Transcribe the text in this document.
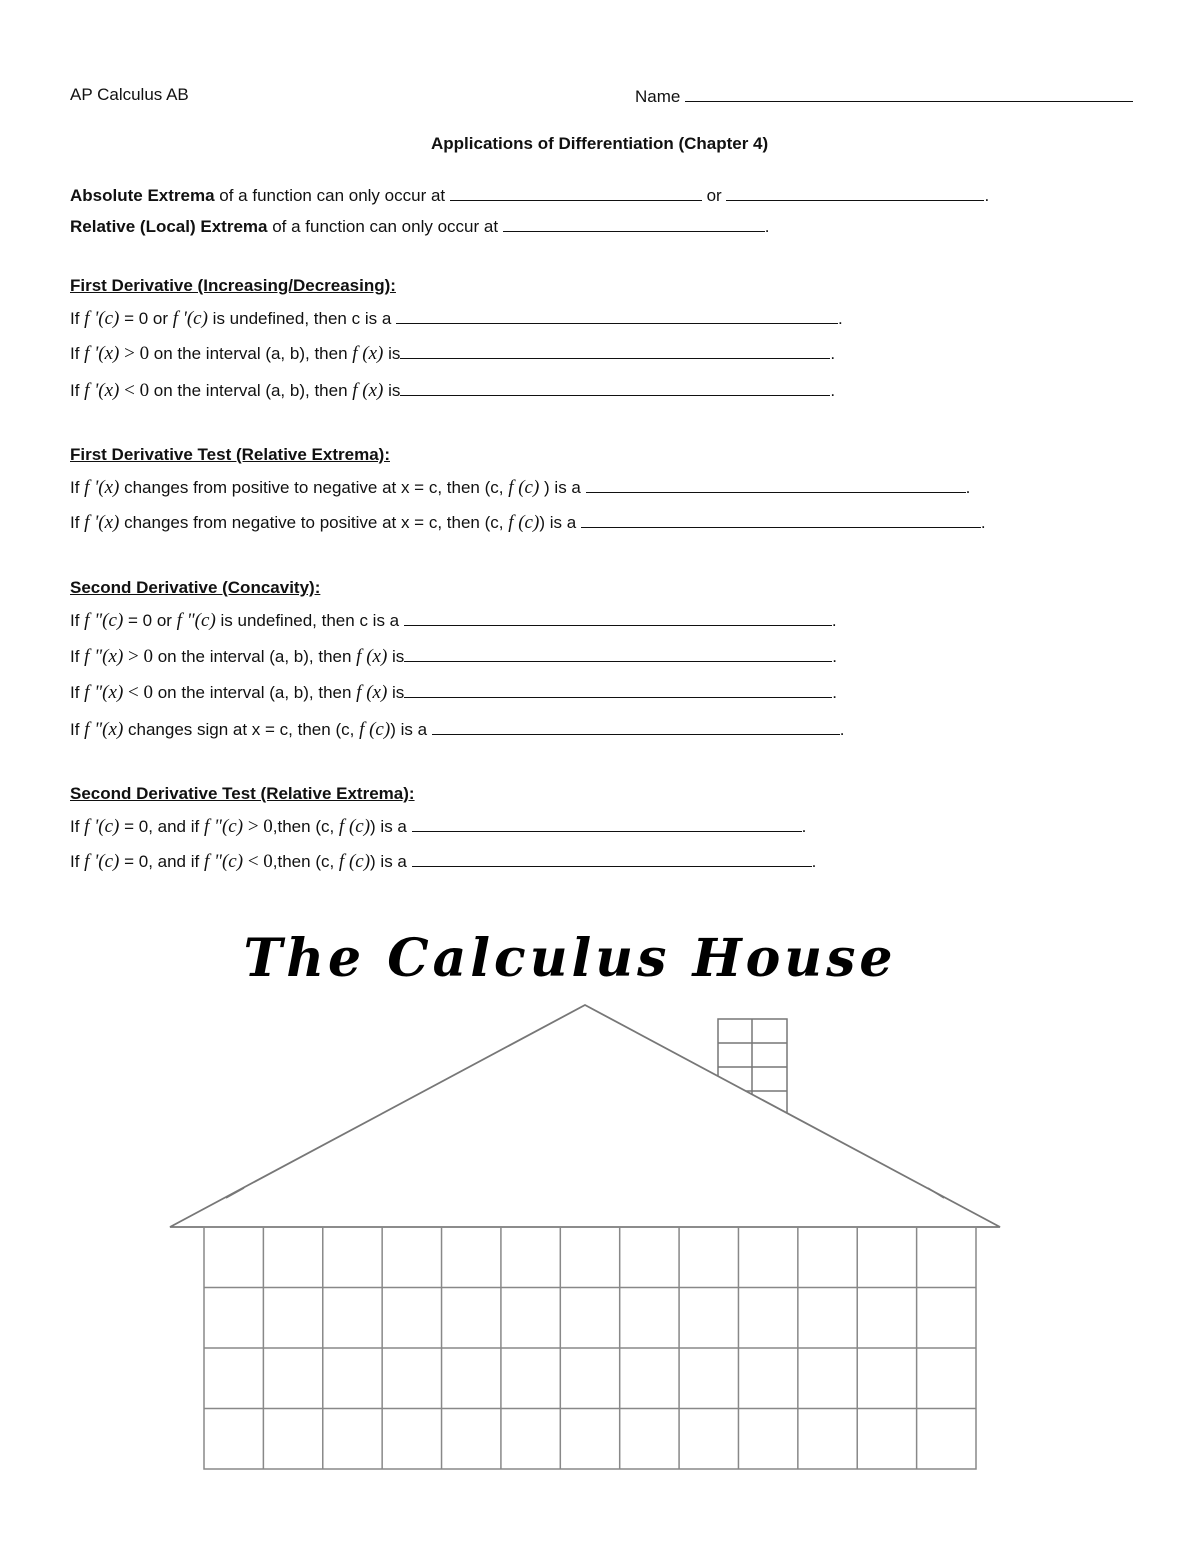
AP Calculus AB	Name
Applications of Differentiation (Chapter 4)
Absolute Extrema of a function can only occur at	or	.
Relative (Local) Extrema of a function can only occur at	.
First Derivative (Increasing/Decreasing):
If f '(c) = 0 or f '(c) is undefined, then c is a	.
If f '(x) > 0 on the interval (a, b), then f (x) is	.
If f '(x) < 0 on the interval (a, b), then f (x) is	.
First Derivative Test (Relative Extrema):
If f '(x) changes from positive to negative at x = c, then (c, f (c) ) is a	.
If f '(x) changes from negative to positive at x = c, then (c, f (c)) is a	.
Second Derivative (Concavity):
If f "(c) = 0 or f "(c) is undefined, then c is a	.
If f "(x) > 0 on the interval (a, b), then f (x) is	.
If f "(x) < 0 on the interval (a, b), then f (x) is	.
If f "(x) changes sign at x = c, then (c, f (c)) is a	.
Second Derivative Test (Relative Extrema):
If f '(c) = 0, and if f "(c) > 0,then (c, f (c)) is a	.
If f '(c) = 0, and if f "(c) < 0,then (c, f (c)) is a	.
The Calculus House
